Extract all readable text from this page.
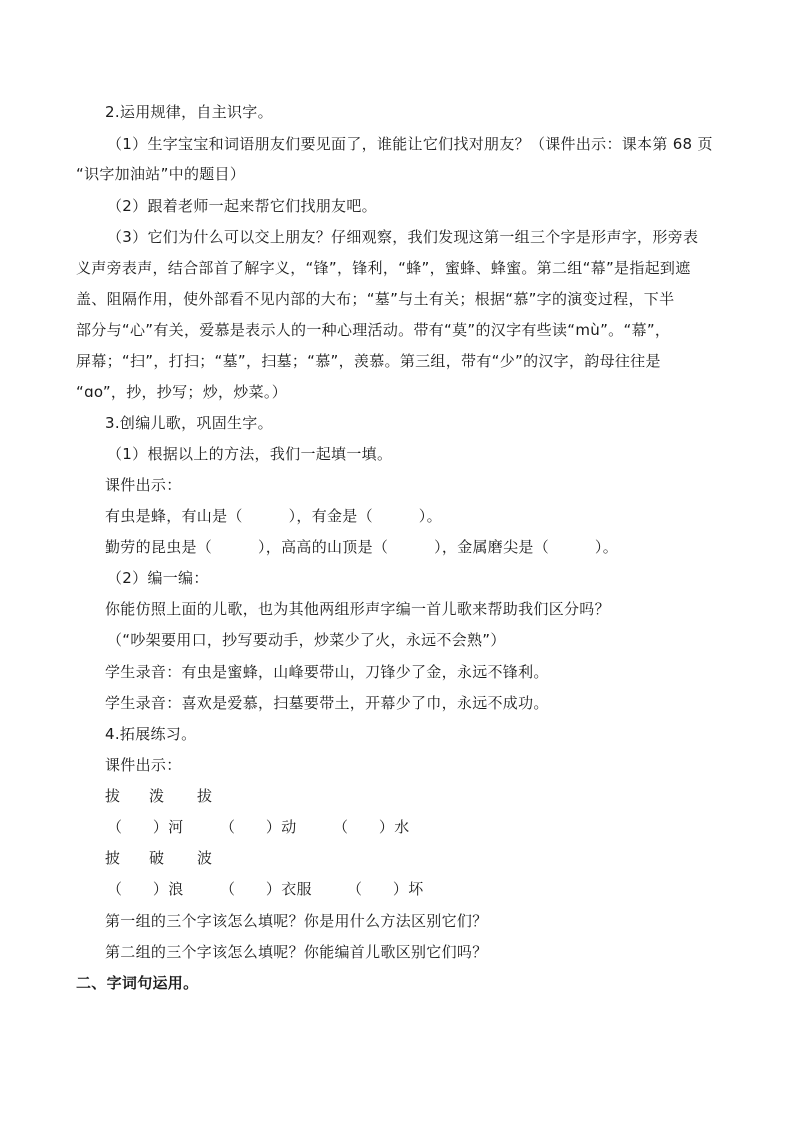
2.运用规律，自主识字。
（1）生字宝宝和词语朋友们要见面了，谁能让它们找对朋友？（课件出示：课本第 68 页
“识字加油站”中的题目）
（2）跟着老师一起来帮它们找朋友吧。
（3）它们为什么可以交上朋友？仔细观察，我们发现这第一组三个字是形声字，形旁表
义声旁表声，结合部首了解字义，“锋”，锋利，“蜂”，蜜蜂、蜂蜜。第二组“幕”是指起到遮
盖、阻隔作用，使外部看不见内部的大布；“墓”与土有关；根据“慕”字的演变过程，下半
部分与“心”有关，爱慕是表示人的一种心理活动。带有“莫”的汉字有些读“mù”。“幕”，
屏幕；“扫”，打扫；“墓”，扫墓；“慕”，羡慕。第三组，带有“少”的汉字，韵母往往是
“ɑo”，抄，抄写；炒，炒菜。）
3.创编儿歌，巩固生字。
（1）根据以上的方法，我们一起填一填。
课件出示：
有虫是蜂，有山是（　　　），有金是（　　　）。
勤劳的昆虫是（　　　），高高的山顶是（　　　），金属磨尖是（　　　）。
（2）编一编：
你能仿照上面的儿歌，也为其他两组形声字编一首儿歌来帮助我们区分吗？
（“吵架要用口，抄写要动手，炒菜少了火，永远不会熟”）
学生录音：有虫是蜜蜂，山峰要带山，刀锋少了金，永远不锋利。
学生录音：喜欢是爱慕，扫墓要带土，开幕少了巾，永远不成功。
4.拓展练习。
课件出示：
拔 泼 拔
（　　）河 （　　）动 （　　）水
披 破 波
（　　）浪 （　　）衣服 （　　）坏
第一组的三个字该怎么填呢？你是用什么方法区别它们？
第二组的三个字该怎么填呢？你能编首儿歌区别它们吗？
二、字词句运用。
